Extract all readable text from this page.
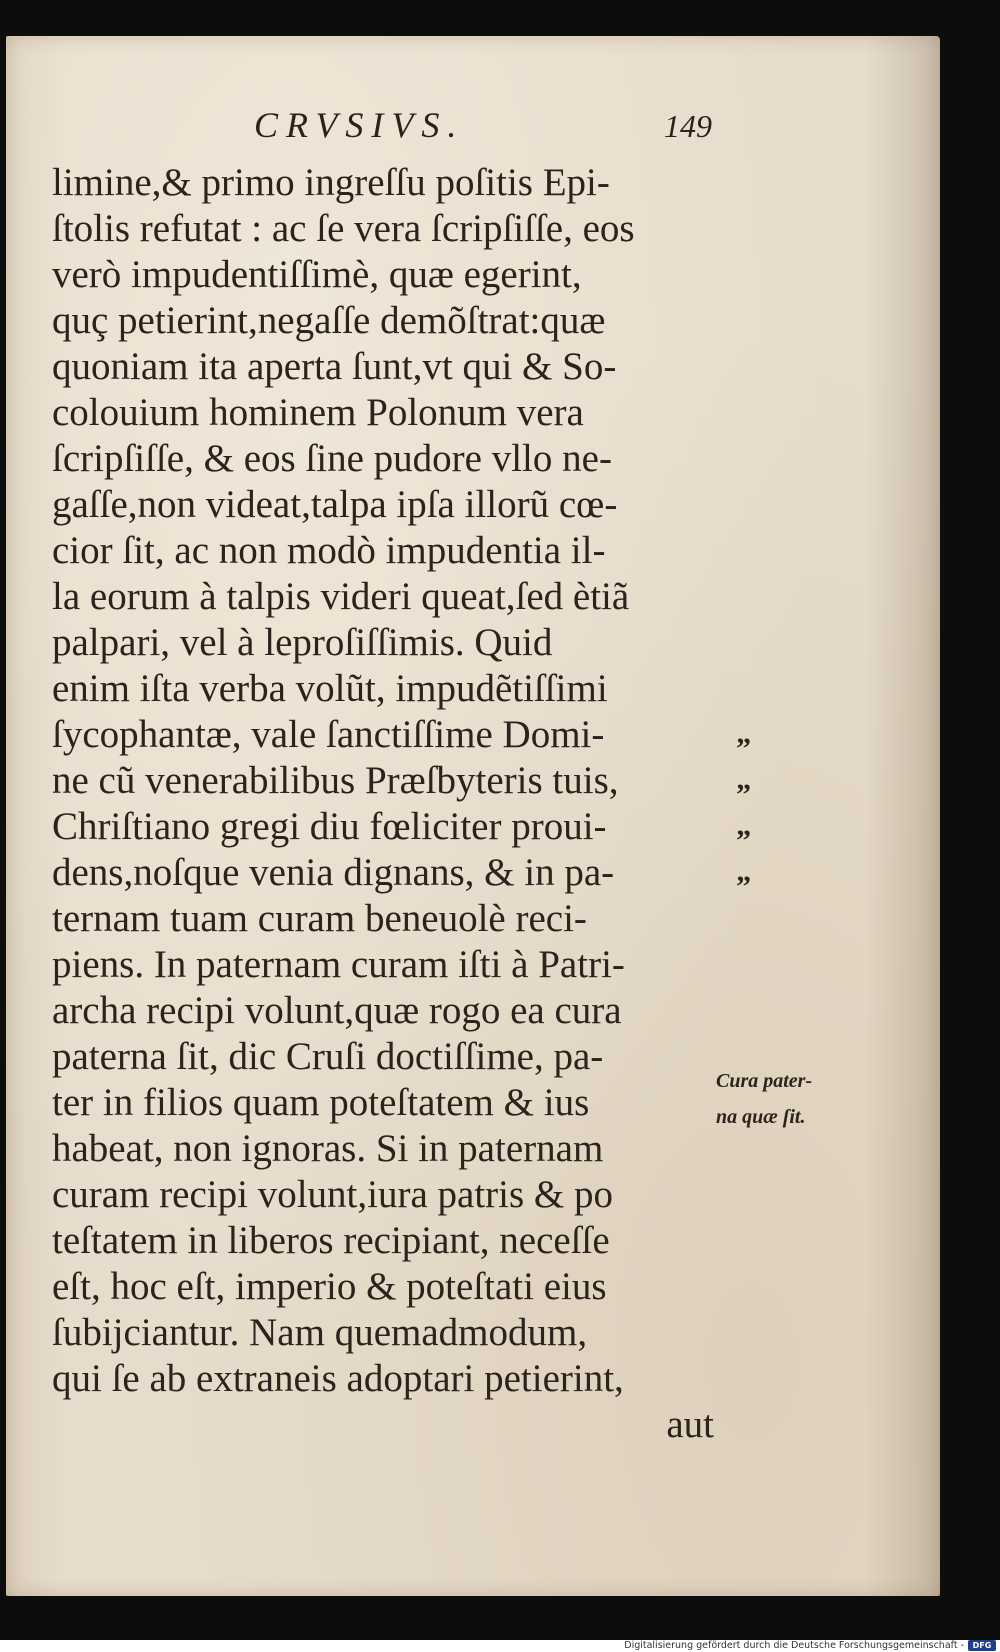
CRVSIVS.	149
limine,& primo ingreſſu poſitis Epi-
ſtolis refutat : ac ſe vera ſcripſiſſe, eos
verò impudentiſſimè, quæ egerint,
quç petierint,negaſſe demõſtrat:quæ
quoniam ita aperta ſunt,vt qui & So-
colouium hominem Polonum vera
ſcripſiſſe, & eos ſine pudore vllo ne-
gaſſe,non videat,talpa ipſa illorũ cœ-
cior ſit, ac non modò impudentia il-
la eorum à talpis videri queat,ſed ètiã
palpari, vel à leproſiſſimis. Quid
enim iſta verba volũt, impudẽtiſſimi
ſycophantæ, vale ſanctiſſime Domi-
ne cũ venerabilibus Præſbyteris tuis,
Chriſtiano gregi diu fœliciter proui-
dens,noſque venia dignans, & in pa-
ternam tuam curam beneuolè reci-
piens. In paternam curam iſti à Patri-
archa recipi volunt,quæ rogo ea cura
paterna ſit, dic Cruſi doctiſſime, pa-
ter in filios quam poteſtatem & ius
habeat, non ignoras. Si in paternam
curam recipi volunt,iura patris & po
teſtatem in liberos recipiant, neceſſe
eſt, hoc eſt, imperio & poteſtati eius
ſubijciantur. Nam quemadmodum,
qui ſe ab extraneis adoptari petierint,
aut
”
”
”
”
Cura pater-
na quæ ſit.
Digitalisierung gefördert durch die Deutsche Forschungsgemeinschaft -	DFG
